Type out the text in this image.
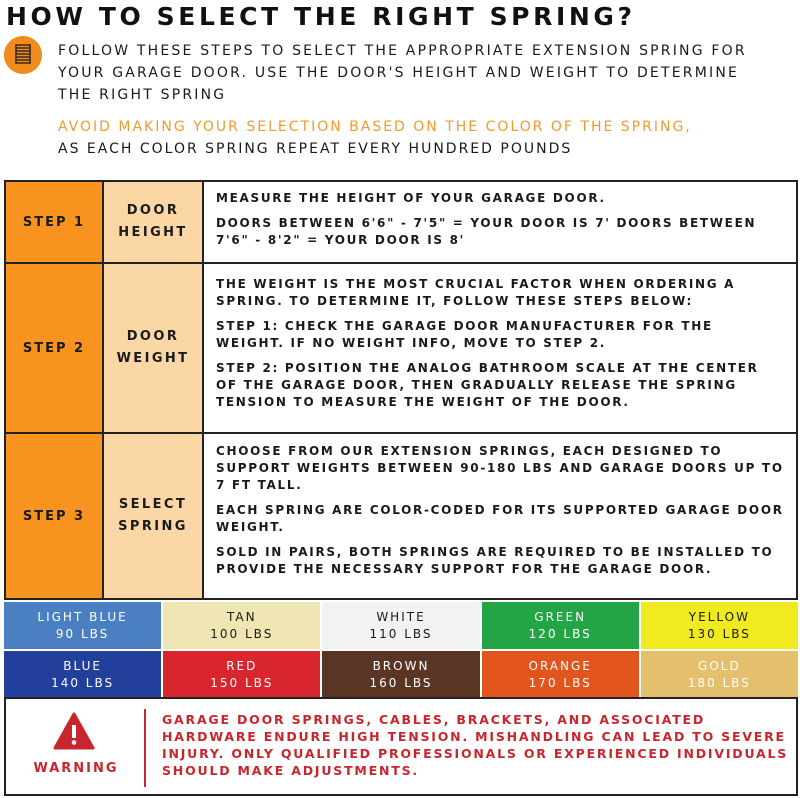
HOW TO SELECT THE RIGHT SPRING?
FOLLOW THESE STEPS TO SELECT THE APPROPRIATE EXTENSION SPRING FOR YOUR GARAGE DOOR. USE THE DOOR'S HEIGHT AND WEIGHT TO DETERMINE THE RIGHT SPRING
AVOID MAKING YOUR SELECTION BASED ON THE COLOR OF THE SPRING,
AS EACH COLOR SPRING REPEAT EVERY HUNDRED POUNDS
STEP 1
DOOR
HEIGHT

MEASURE THE HEIGHT OF YOUR GARAGE DOOR.

DOORS BETWEEN 6'6" - 7'5" = YOUR DOOR IS 7' DOORS BETWEEN 7'6" - 8'2" = YOUR DOOR IS 8'

STEP 2
DOOR
WEIGHT

THE WEIGHT IS THE MOST CRUCIAL FACTOR WHEN ORDERING A SPRING. TO DETERMINE IT, FOLLOW THESE STEPS BELOW:

STEP 1: CHECK THE GARAGE DOOR MANUFACTURER FOR THE WEIGHT. IF NO WEIGHT INFO, MOVE TO STEP 2.

STEP 2: POSITION THE ANALOG BATHROOM SCALE AT THE CENTER OF THE GARAGE DOOR, THEN GRADUALLY RELEASE THE SPRING TENSION TO MEASURE THE WEIGHT OF THE DOOR.

STEP 3
SELECT
SPRING

CHOOSE FROM OUR EXTENSION SPRINGS, EACH DESIGNED TO SUPPORT WEIGHTS BETWEEN 90-180 LBS AND GARAGE DOORS UP TO 7 FT TALL.

EACH SPRING ARE COLOR-CODED FOR ITS SUPPORTED GARAGE DOOR WEIGHT.

SOLD IN PAIRS, BOTH SPRINGS ARE REQUIRED TO BE INSTALLED TO PROVIDE THE NECESSARY SUPPORT FOR THE GARAGE DOOR.

LIGHT BLUE
90 LBS
TAN
100 LBS
WHITE
110 LBS
GREEN
120 LBS
YELLOW
130 LBS
BLUE
140 LBS
RED
150 LBS
BROWN
160 LBS
ORANGE
170 LBS
GOLD
180 LBS
WARNING
GARAGE DOOR SPRINGS, CABLES, BRACKETS, AND ASSOCIATED HARDWARE ENDURE HIGH TENSION. MISHANDLING CAN LEAD TO SEVERE INJURY. ONLY QUALIFIED PROFESSIONALS OR EXPERIENCED INDIVIDUALS SHOULD MAKE ADJUSTMENTS.
